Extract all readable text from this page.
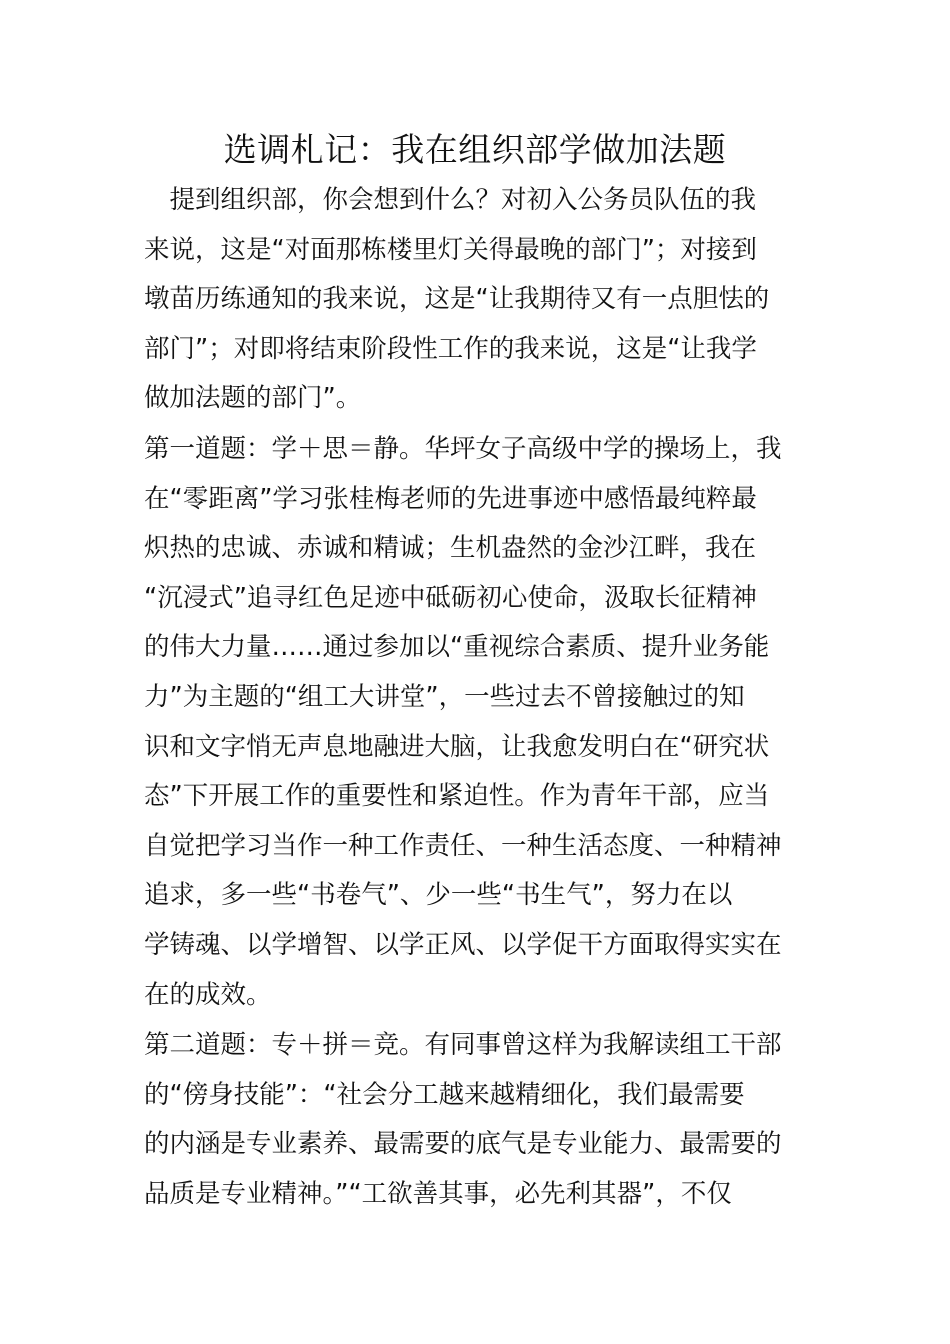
选调札记：我在组织部学做加法题
　提到组织部，你会想到什么？对初入公务员队伍的我
来说，这是“对面那栋楼里灯关得最晚的部门”；对接到
墩苗历练通知的我来说，这是“让我期待又有一点胆怯的
部门”；对即将结束阶段性工作的我来说，这是“让我学
做加法题的部门”。
第一道题：学＋思＝静。华坪女子高级中学的操场上，我
在“零距离”学习张桂梅老师的先进事迹中感悟最纯粹最
炽热的忠诚、赤诚和精诚；生机盎然的金沙江畔，我在
“沉浸式”追寻红色足迹中砥砺初心使命，汲取长征精神
的伟大力量……通过参加以“重视综合素质、提升业务能
力”为主题的“组工大讲堂”，一些过去不曾接触过的知
识和文字悄无声息地融进大脑，让我愈发明白在“研究状
态”下开展工作的重要性和紧迫性。作为青年干部，应当
自觉把学习当作一种工作责任、一种生活态度、一种精神
追求，多一些“书卷气”、少一些“书生气”，努力在以
学铸魂、以学增智、以学正风、以学促干方面取得实实在
在的成效。
第二道题：专＋拼＝竞。有同事曾这样为我解读组工干部
的“傍身技能”：“社会分工越来越精细化，我们最需要
的内涵是专业素养、最需要的底气是专业能力、最需要的
品质是专业精神。”“工欲善其事，必先利其器”，不仅
